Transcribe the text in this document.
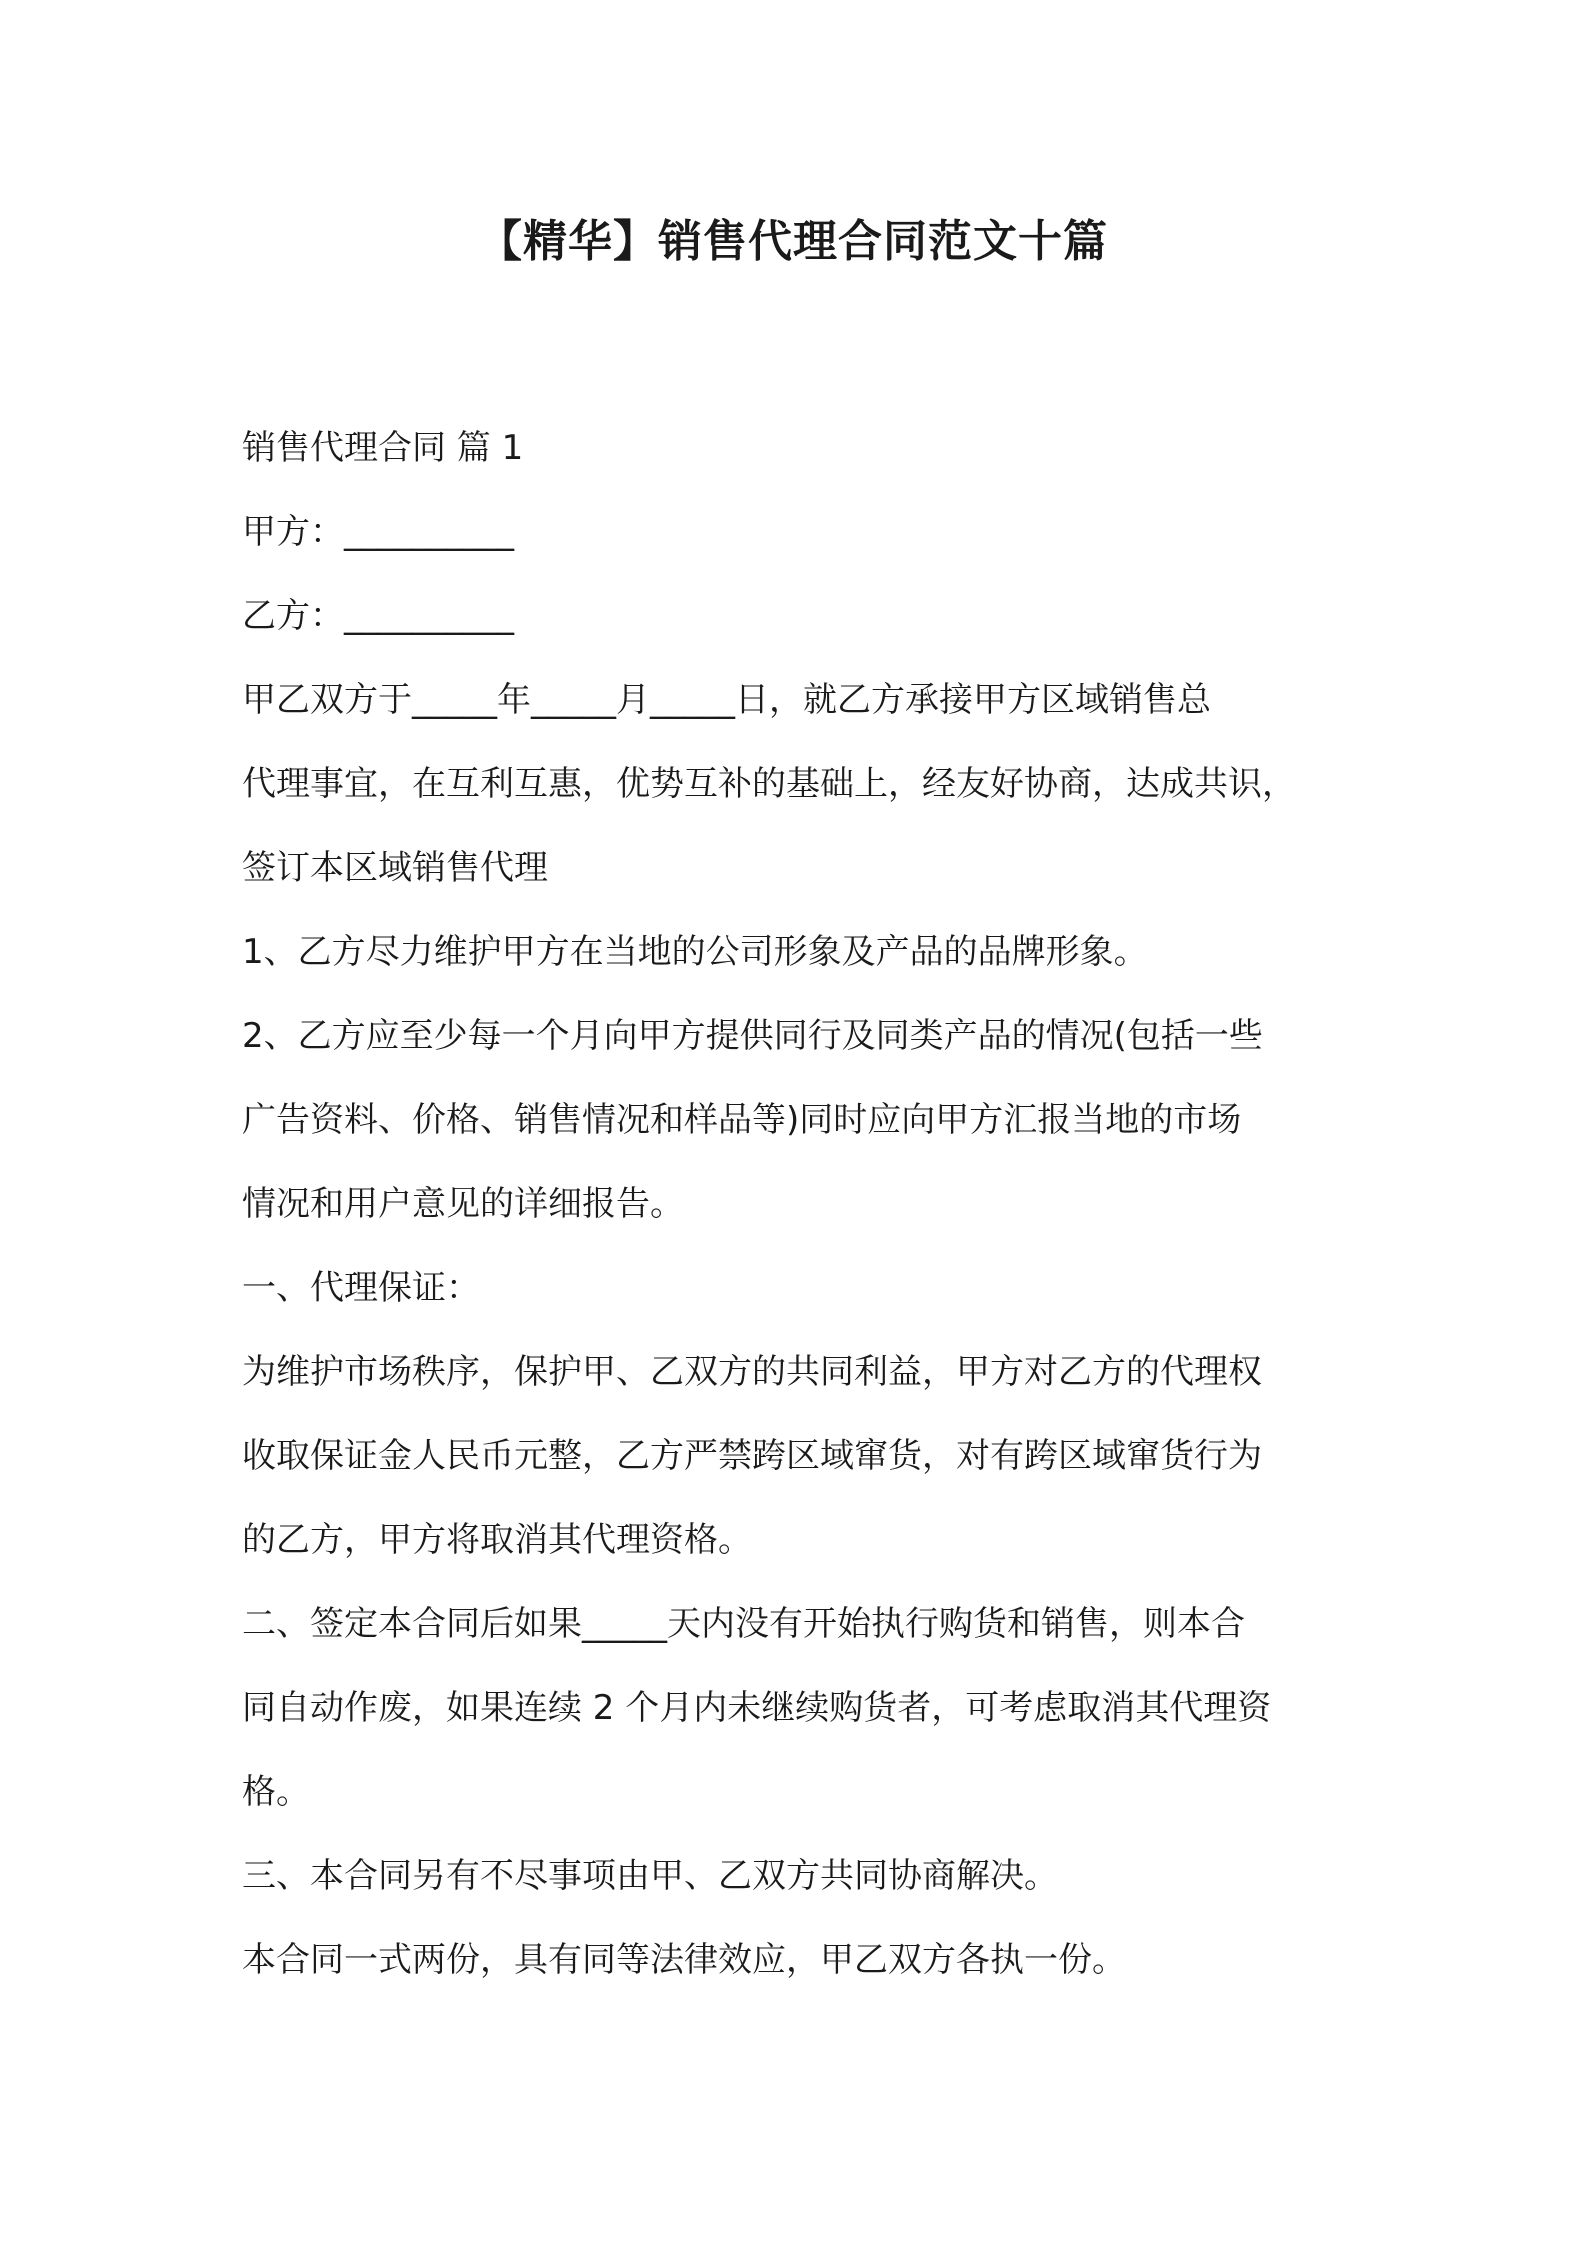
【精华】销售代理合同范文十篇

销售代理合同 篇 1

甲方：__________

乙方：__________

甲乙双方于_____年_____月_____日，就乙方承接甲方区域销售总

代理事宜，在互利互惠，优势互补的基础上，经友好协商，达成共识，

签订本区域销售代理

1、乙方尽力维护甲方在当地的公司形象及产品的品牌形象。

2、乙方应至少每一个月向甲方提供同行及同类产品的情况(包括一些

广告资料、价格、销售情况和样品等)同时应向甲方汇报当地的市场

情况和用户意见的详细报告。

一、代理保证：

为维护市场秩序，保护甲、乙双方的共同利益，甲方对乙方的代理权

收取保证金人民币元整，乙方严禁跨区域窜货，对有跨区域窜货行为

的乙方，甲方将取消其代理资格。

二、签定本合同后如果_____天内没有开始执行购货和销售，则本合

同自动作废，如果连续 2 个月内未继续购货者，可考虑取消其代理资

格。

三、本合同另有不尽事项由甲、乙双方共同协商解决。

本合同一式两份，具有同等法律效应，甲乙双方各执一份。
